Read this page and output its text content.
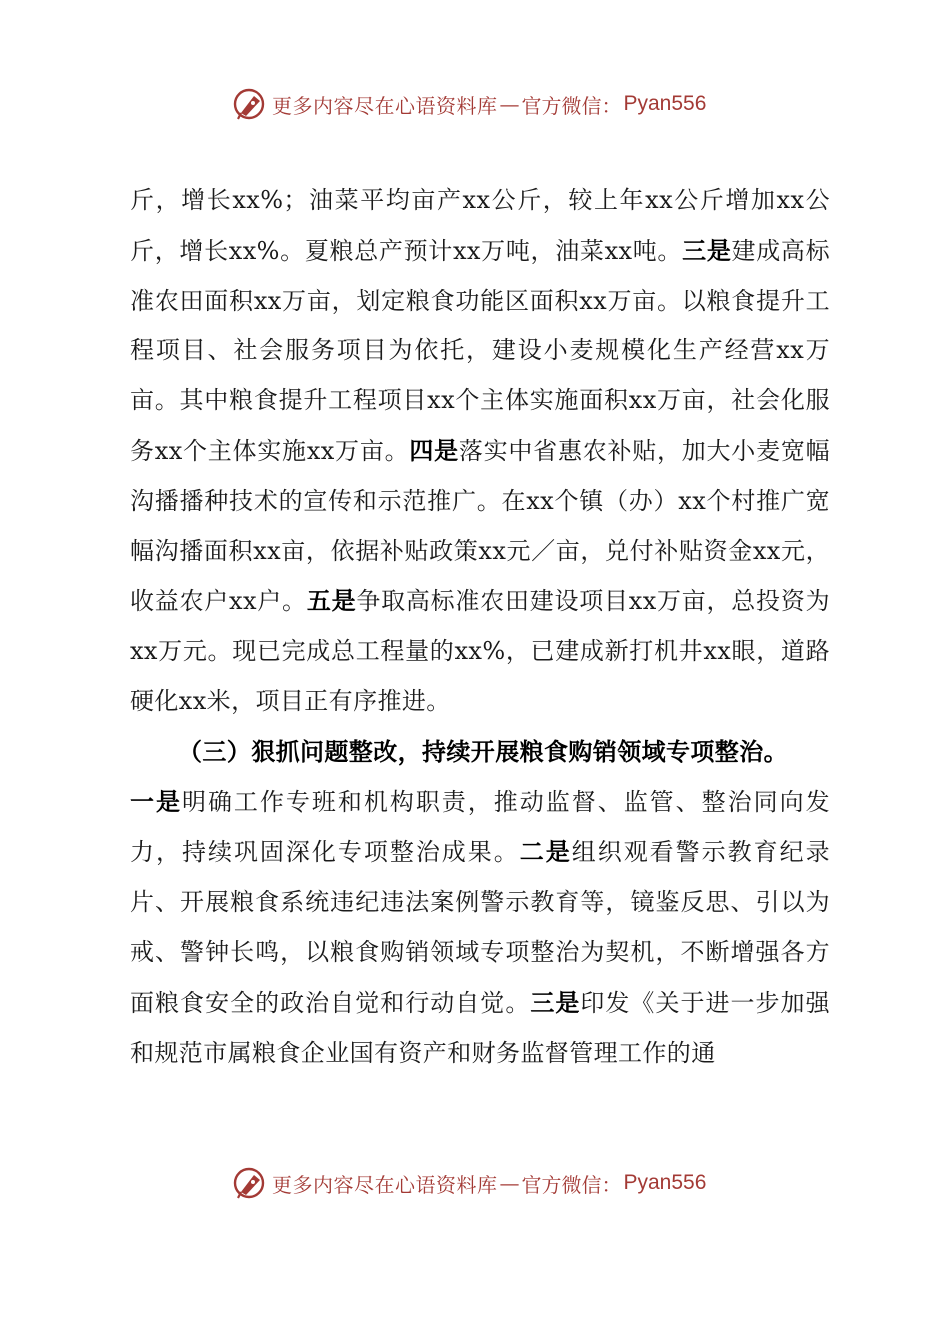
更多内容尽在心语资料库 — 官方微信： Pyan556

斤，增长xx%；油菜平均亩产xx公斤，较上年xx公斤增加xx公斤，增长xx%。夏粮总产预计xx万吨，油菜xx吨。三是建成高标准农田面积xx万亩，划定粮食功能区面积xx万亩。以粮食提升工程项目、社会服务项目为依托，建设小麦规模化生产经营xx万亩。其中粮食提升工程项目xx个主体实施面积xx万亩，社会化服务xx个主体实施xx万亩。四是落实中省惠农补贴，加大小麦宽幅沟播播种技术的宣传和示范推广。在xx个镇（办）xx个村推广宽幅沟播面积xx亩，依据补贴政策xx元／亩，兑付补贴资金xx元，收益农户xx户。五是争取高标准农田建设项目xx万亩，总投资为xx万元。现已完成总工程量的xx%，已建成新打机井xx眼，道路硬化xx米，项目正有序推进。

（三）狠抓问题整改，持续开展粮食购销领域专项整治。

一是明确工作专班和机构职责，推动监督、监管、整治同向发力，持续巩固深化专项整治成果。二是组织观看警示教育纪录片、开展粮食系统违纪违法案例警示教育等，镜鉴反思、引以为戒、警钟长鸣，以粮食购销领域专项整治为契机，不断增强各方面粮食安全的政治自觉和行动自觉。三是印发《关于进一步加强和规范市属粮食企业国有资产和财务监督管理工作的通

更多内容尽在心语资料库 — 官方微信： Pyan556
